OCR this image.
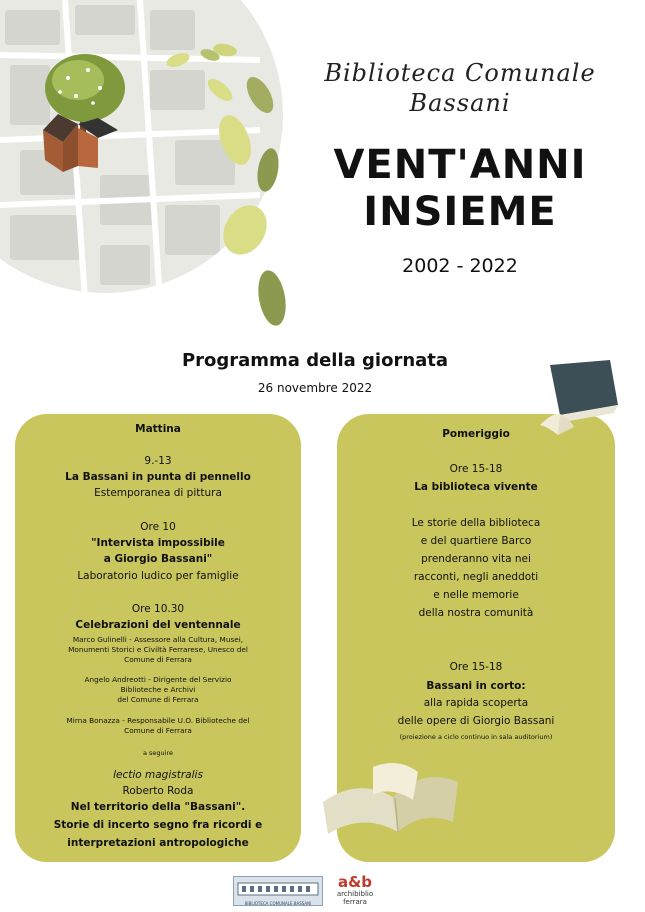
Biblioteca Comunale
Bassani
VENT'ANNI
INSIEME
2002 - 2022
Programma della giornata
26 novembre 2022
Mattina
9.-13
La Bassani in punta di pennello
Estemporanea di pittura
Ore 10
"Intervista impossibile
a Giorgio Bassani"
Laboratorio ludico per famiglie
Ore 10.30
Celebrazioni del ventennale
Marco Gulinelli - Assessore alla Cultura, Musei,
Monumenti Storici e Civiltà Ferrarese, Unesco del
Comune di Ferrara
Angelo Andreotti - Dirigente del Servizio
Biblioteche e Archivi
del Comune di Ferrara
Mirna Bonazza - Responsabile U.O. Biblioteche del
Comune di Ferrara
a seguire
lectio magistralis
Roberto Roda
Nel territorio della "Bassani".
Storie di incerto segno fra ricordi e
interpretazioni antropologiche
Pomeriggio
Ore 15-18
La biblioteca vivente
Le storie della biblioteca
e del quartiere Barco
prenderanno vita nei
racconti, negli aneddoti
e nelle memorie
della nostra comunità
Ore 15-18
Bassani in corto:
alla rapida scoperta
delle opere di Giorgio Bassani
(proiezione a ciclo continuo in sala auditorium)
BIBLIOTECA COMUNALE BASSANI
a&b
archibiblio
ferrara
